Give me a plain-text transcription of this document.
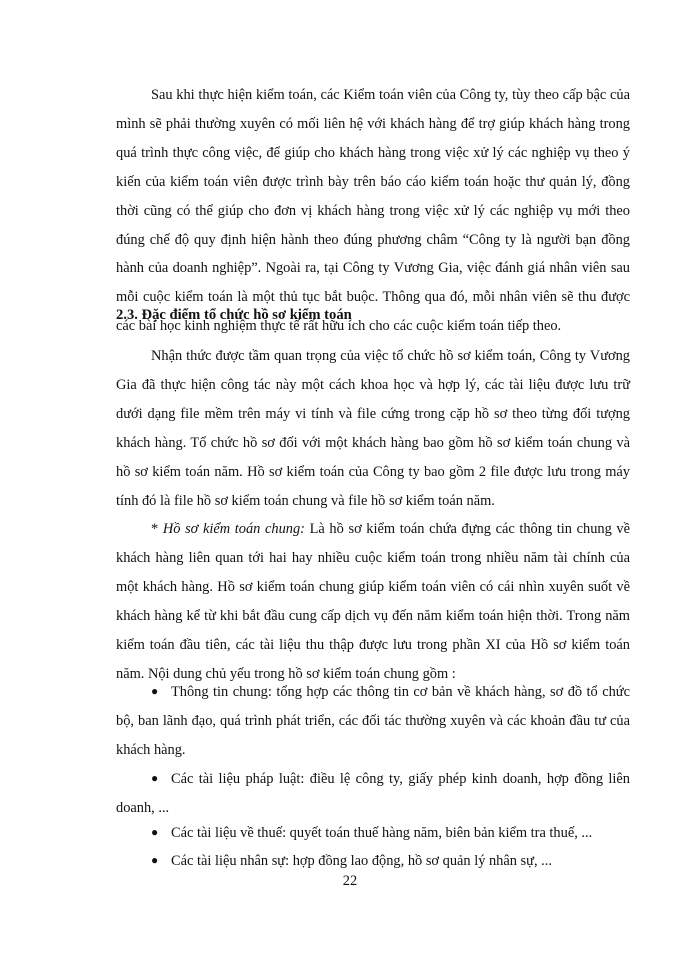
Sau khi thực hiện kiểm toán, các Kiểm toán viên của Công ty, tùy theo cấp bậc của mình sẽ phải thường xuyên có mối liên hệ với khách hàng để trợ giúp khách hàng trong quá trình thực công việc, để giúp cho khách hàng trong việc xử lý các nghiệp vụ theo ý kiến của kiểm toán viên được trình bày trên báo cáo kiểm toán hoặc thư quản lý, đồng thời cũng có thể giúp cho đơn vị khách hàng trong việc xử lý các nghiệp vụ mới theo đúng chế độ quy định hiện hành theo đúng phương châm “Công ty là người bạn đồng hành của doanh nghiệp”. Ngoài ra, tại Công ty Vương Gia, việc đánh giá nhân viên sau mỗi cuộc kiểm toán là một thủ tục bắt buộc. Thông qua đó, mỗi nhân viên sẽ thu được các bài học kinh nghiệm thực tế rất hữu ích cho các cuộc kiểm toán tiếp theo.

2.3. Đặc điểm tổ chức hồ sơ kiểm toán

Nhận thức được tầm quan trọng của việc tổ chức hồ sơ kiểm toán, Công ty Vương Gia đã thực hiện công tác này một cách khoa học và hợp lý, các tài liệu được lưu trữ dưới dạng file mềm trên máy vi tính và file cứng trong cặp hồ sơ theo từng đối tượng khách hàng. Tổ chức hồ sơ đối với một khách hàng bao gồm hồ sơ kiểm toán chung và hồ sơ kiểm toán năm. Hồ sơ kiểm toán của Công ty bao gồm 2 file được lưu trong máy tính đó là file hồ sơ kiểm toán chung và file hồ sơ kiểm toán năm.

* Hồ sơ kiểm toán chung: Là hồ sơ kiểm toán chứa đựng các thông tin chung về khách hàng liên quan tới hai hay nhiều cuộc kiểm toán trong nhiều năm tài chính của một khách hàng. Hồ sơ kiểm toán chung giúp kiểm toán viên có cái nhìn xuyên suốt về khách hàng kể từ khi bắt đầu cung cấp dịch vụ đến năm kiểm toán hiện thời. Trong năm kiểm toán đầu tiên, các tài liệu thu thập được lưu trong phần XI của Hồ sơ kiểm toán năm. Nội dung chủ yếu trong hồ sơ kiểm toán chung gồm :

● Thông tin chung: tổng hợp các thông tin cơ bản về khách hàng, sơ đồ tổ chức bộ, ban lãnh đạo, quá trình phát triển, các đối tác thường xuyên và các khoản đầu tư của khách hàng.

● Các tài liệu pháp luật: điều lệ công ty, giấy phép kinh doanh, hợp đồng liên doanh, ...

● Các tài liệu về thuế: quyết toán thuế hàng năm, biên bản kiểm tra thuế, ...

● Các tài liệu nhân sự: hợp đồng lao động, hồ sơ quản lý nhân sự, ...

22
